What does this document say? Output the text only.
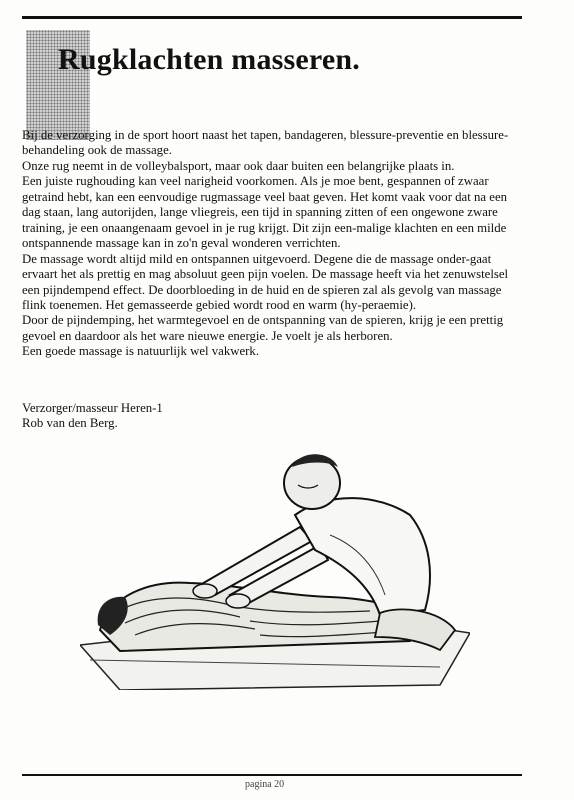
Rugklachten masseren.

Bij de verzorging in de sport hoort naast het tapen, bandageren, blessure-preventie en blessure-behandeling ook de massage.

Onze rug neemt in de volleybalsport, maar ook daar buiten een belangrijke plaats in.

Een juiste rughouding kan veel narigheid voorkomen. Als je moe bent, gespannen of zwaar getraind hebt, kan een eenvoudige rugmassage veel baat geven. Het komt vaak voor dat na een dag staan, lang autorijden, lange vliegreis, een tijd in spanning zitten of een ongewone zware training, je een onaangenaam gevoel in je rug krijgt. Dit zijn een-malige klachten en een milde ontspannende massage kan in zo'n geval wonderen verrichten.

De massage wordt altijd mild en ontspannen uitgevoerd. Degene die de massage onder-gaat ervaart het als prettig en mag absoluut geen pijn voelen. De massage heeft via het zenuwstelsel een pijndempend effect. De doorbloeding in de huid en de spieren zal als gevolg van massage flink toenemen. Het gemasseerde gebied wordt rood en warm (hy-peraemie).

Door de pijndemping, het warmtegevoel en de ontspanning van de spieren, krijg je een prettig gevoel en daardoor als het ware nieuwe energie. Je voelt je als herboren.

Een goede massage is natuurlijk wel vakwerk.

Verzorger/masseur Heren-1
Rob van den Berg.
pagina 20
